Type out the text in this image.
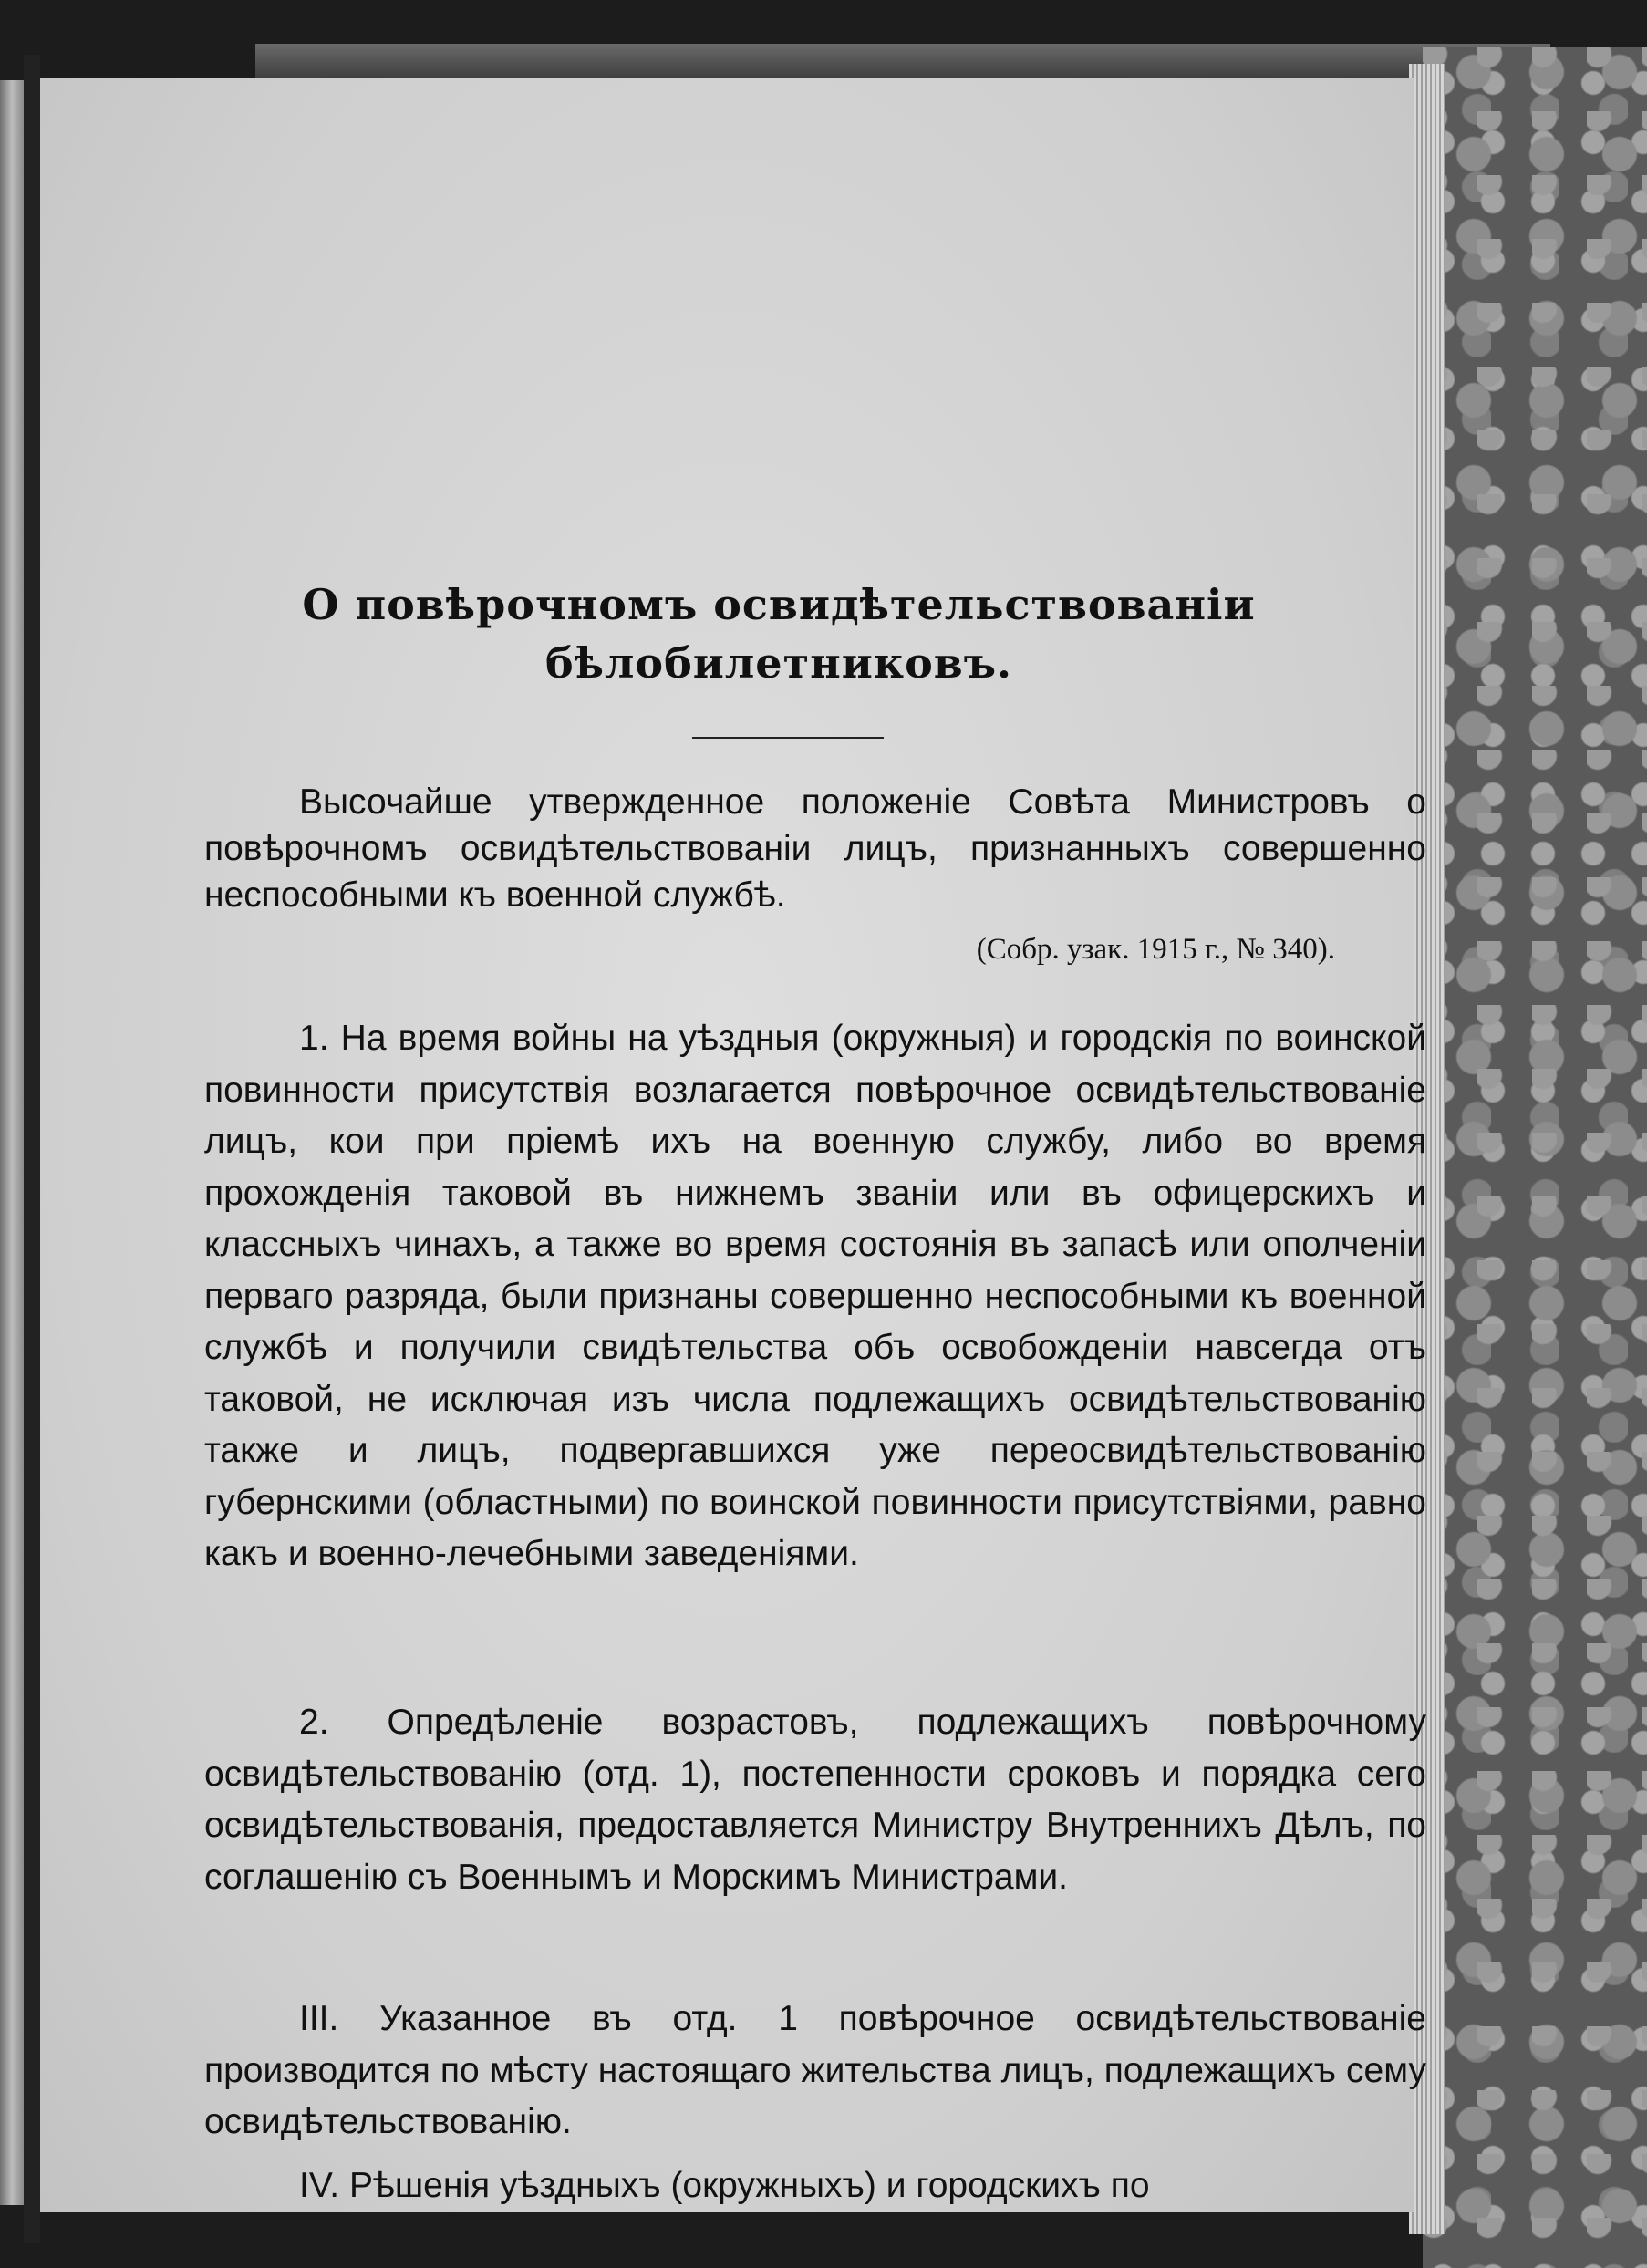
О повѣрочномъ освидѣтельствованіи бѣлобилетниковъ.

Высочайше утвержденное положеніе Совѣта Министровъ о повѣрочномъ освидѣтельствованіи лицъ, признанныхъ совершенно неспособными къ военной службѣ.

(Собр. узак. 1915 г., № 340).

1. На время войны на уѣздныя (окружныя) и городскія по воинской повинности присутствія возлагается повѣрочное освидѣтельствованіе лицъ, кои при пріемѣ ихъ на военную службу, либо во время прохожденія таковой въ нижнемъ званіи или въ офицерскихъ и классныхъ чинахъ, а также во время состоянія въ запасѣ или ополченіи перваго разряда, были признаны совершенно неспособными къ военной службѣ и получили свидѣтельства объ освобожденіи навсегда отъ таковой, не исключая изъ числа подлежащихъ освидѣтельствованію также и лицъ, подвергавшихся уже переосвидѣтельствованію губернскими (областными) по воинской повинности присутствіями, равно какъ и военно-лечебными заведеніями.

2. Опредѣленіе возрастовъ, подлежащихъ повѣрочному освидѣтельствованію (отд. 1), постепенности сроковъ и порядка сего освидѣтельствованія, предоставляется Министру Внутреннихъ Дѣлъ, по соглашенію съ Военнымъ и Морскимъ Министрами.

III. Указанное въ отд. 1 повѣрочное освидѣтельствованіе производится по мѣсту настоящаго жительства лицъ, подлежащихъ сему освидѣтельствованію.

IV. Рѣшенія уѣздныхъ (окружныхъ) и городскихъ по
